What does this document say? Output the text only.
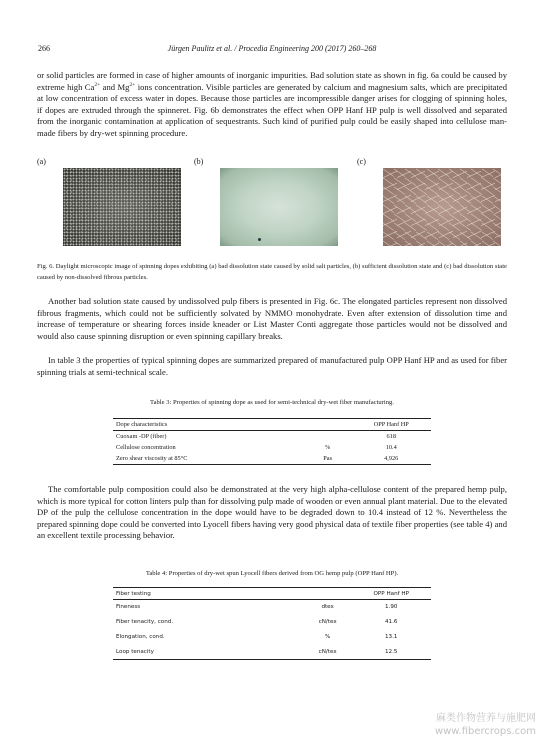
266	Jürgen Paulitz et al. / Procedia Engineering 200 (2017) 260–268

or solid particles are formed in case of higher amounts of inorganic impurities. Bad solution state as shown in fig. 6a could be caused by extreme high $Ca^{2+}$ and $Mg^{2+}$ ions concentration. Visible particles are generated by calcium and magnesium salts, which are precipitated at low concentration of excess water in dopes. Because those particles are incompressible danger arises for clogging of spinning holes, if dopes are extruded through the spinneret. Fig. 6b demonstrates the effect when OPP Hanf HP pulp is well dissolved and separated from the inorganic contamination at application of sequestrants. Such kind of purified pulp could be easily shaped into cellulose man-made fibers by dry-wet spinning procedure.

(a)	(b)	(c)

Fig. 6. Daylight microscopic image of spinning dopes exhibiting (a) bad dissolution state caused by solid salt particles, (b) sufficient dissolution state and (c) bad dissolution state caused by non-dissolved fibrous particles.

Another bad solution state caused by undissolved pulp fibers is presented in Fig. 6c. The elongated particles represent non dissolved fibrous fragments, which could not be sufficiently solvated by NMMO monohydrate. Even after extension of dissolution time and increase of temperature or shearing forces inside kneader or List Master Conti aggregate those particles would not be dissolved and would also cause spinning disruption or even spinning capillary breaks.

In table 3 the properties of typical spinning dopes are summarized prepared of manufactured pulp OPP Hanf HP and as used for fiber spinning trials at semi-technical scale.

Table 3: Properties of spinning dope as used for semi-technical dry-wet fiber manufacturing.
Dope characteristics		OPP Hanf HP
Cuoxam -DP (fiber)		618
Cellulose concentration	%	10.4
Zero shear viscosity at 85°C	Pas	4,926

The comfortable pulp composition could also be demonstrated at the very high alpha-cellulose content of the prepared hemp pulp, which is more typical for cotton linters pulp than for dissolving pulp made of wooden or even annual plant material. Due to the elevated DP of the pulp the cellulose concentration in the dope would have to be degraded down to 10.4 instead of 12 %. Nevertheless the prepared spinning dope could be converted into Lyocell fibers having very good physical data of textile fiber properties (see table 4) and an excellent textile processing behavior.

Table 4: Properties of dry-wet spun Lyocell fibers derived from OG hemp pulp (OPP Hanf HP).
Fiber testing		OPP Hanf HP
Fineness	dtex	1.90
Fiber tenacity, cond.	cN/tex	41.6
Elongation, cond.	%	13.1
Loop tenacity	cN/tex	12.5
麻类作物营养与施肥网
www.fibercrops.com
